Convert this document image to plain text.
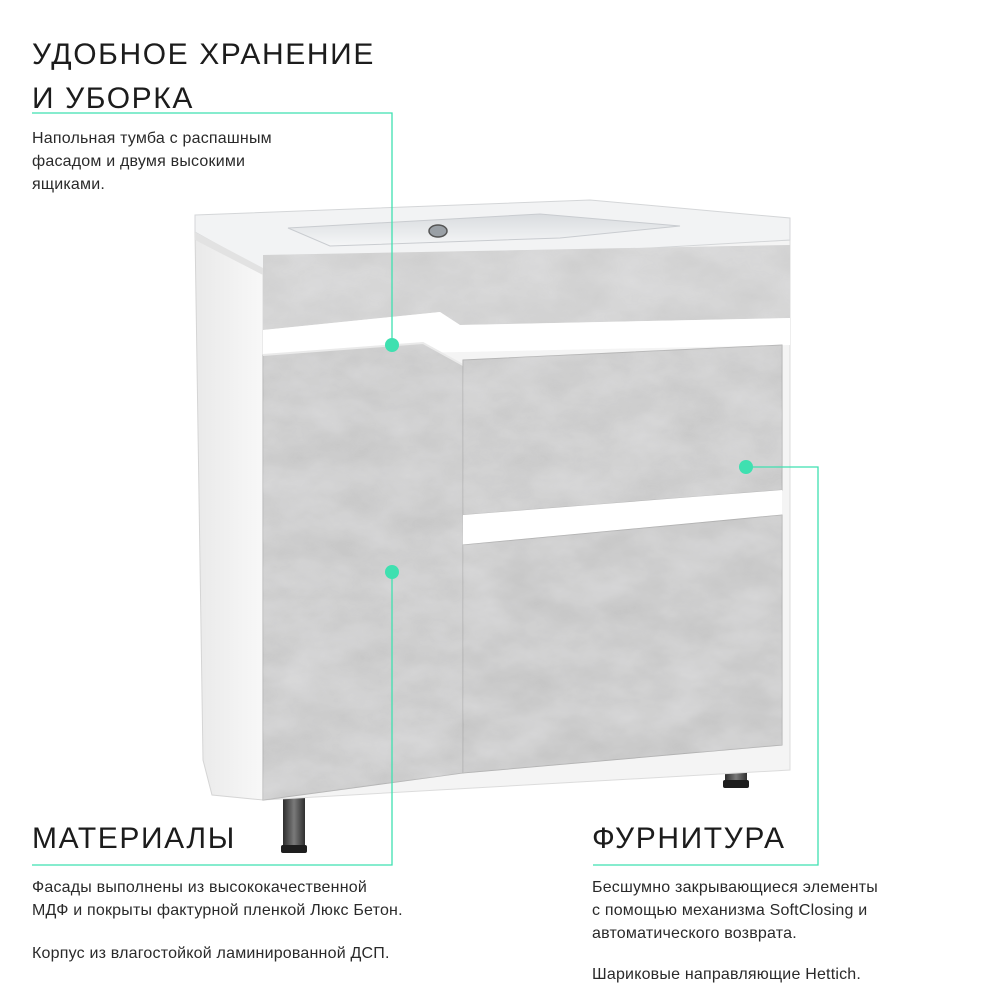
УДОБНОЕ ХРАНЕНИЕ
И УБОРКА

Напольная тумба с распашным
фасадом и двумя высокими
ящиками.

МАТЕРИАЛЫ

Фасады выполнены из высококачественной
МДФ и покрыты фактурной пленкой Люкс Бетон.

Корпус из влагостойкой ламинированной ДСП.

ФУРНИТУРА

Бесшумно закрывающиеся элементы
с помощью механизма SoftClosing и
автоматического возврата.

Шариковые направляющие Hettich.
